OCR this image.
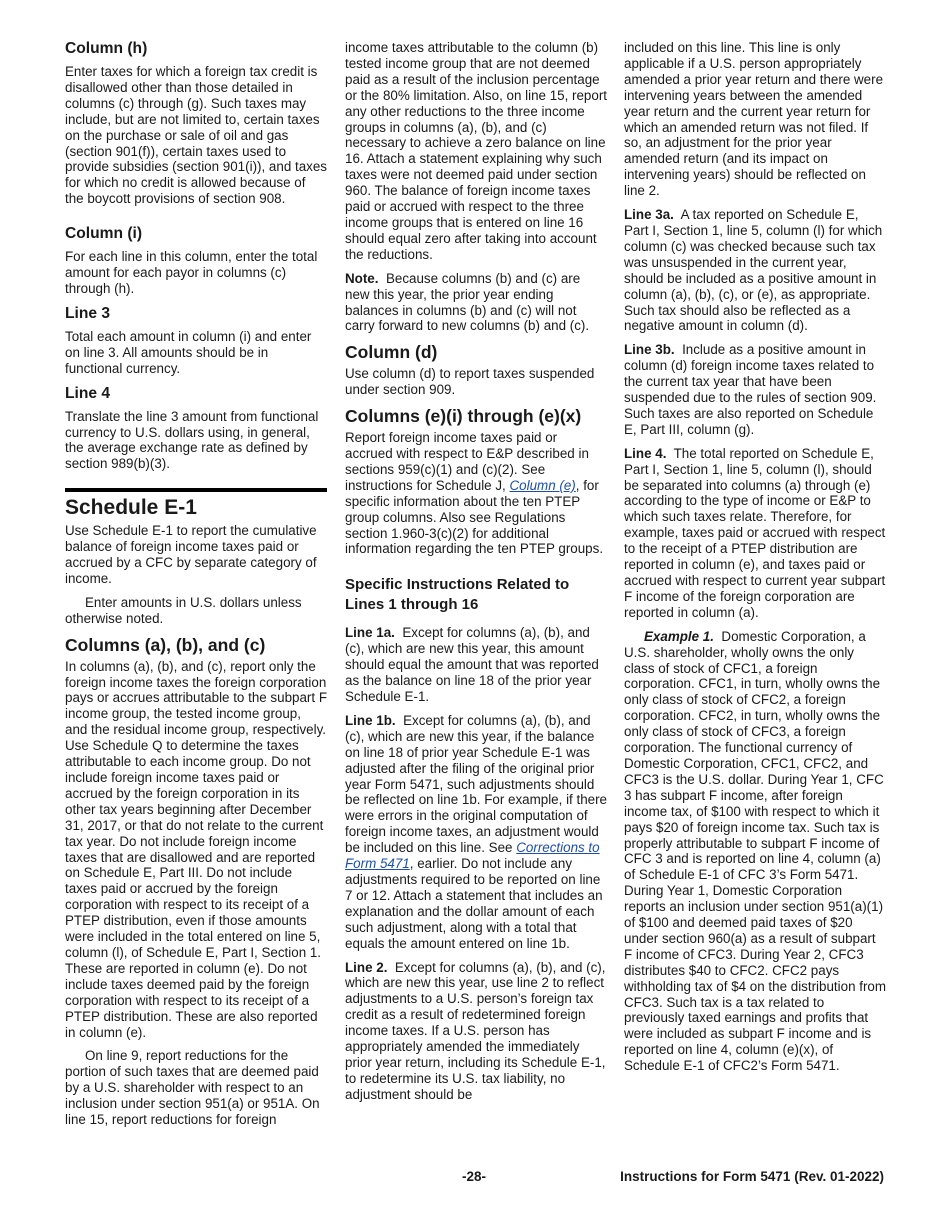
Column (h)

Enter taxes for which a foreign tax credit is disallowed other than those detailed in columns (c) through (g). Such taxes may include, but are not limited to, certain taxes on the purchase or sale of oil and gas (section 901(f)), certain taxes used to provide subsidies (section 901(i)), and taxes for which no credit is allowed because of the boycott provisions of section 908.

Column (i)

For each line in this column, enter the total amount for each payor in columns (c) through (h).

Line 3

Total each amount in column (i) and enter on line 3. All amounts should be in functional currency.

Line 4

Translate the line 3 amount from functional currency to U.S. dollars using, in general, the average exchange rate as defined by section 989(b)(3).

Schedule E-1

Use Schedule E-1 to report the cumulative balance of foreign income taxes paid or accrued by a CFC by separate category of income.

Enter amounts in U.S. dollars unless otherwise noted.

Columns (a), (b), and (c)

In columns (a), (b), and (c), report only the foreign income taxes the foreign corporation pays or accrues attributable to the subpart F income group, the tested income group, and the residual income group, respectively. Use Schedule Q to determine the taxes attributable to each income group. Do not include foreign income taxes paid or accrued by the foreign corporation in its other tax years beginning after December 31, 2017, or that do not relate to the current tax year. Do not include foreign income taxes that are disallowed and are reported on Schedule E, Part III. Do not include taxes paid or accrued by the foreign corporation with respect to its receipt of a PTEP distribution, even if those amounts were included in the total entered on line 5, column (l), of Schedule E, Part I, Section 1. These are reported in column (e). Do not include taxes deemed paid by the foreign corporation with respect to its receipt of a PTEP distribution. These are also reported in column (e).

On line 9, report reductions for the portion of such taxes that are deemed paid by a U.S. shareholder with respect to an inclusion under section 951(a) or 951A. On line 15, report reductions for foreign

income taxes attributable to the column (b) tested income group that are not deemed paid as a result of the inclusion percentage or the 80% limitation. Also, on line 15, report any other reductions to the three income groups in columns (a), (b), and (c) necessary to achieve a zero balance on line 16. Attach a statement explaining why such taxes were not deemed paid under section 960. The balance of foreign income taxes paid or accrued with respect to the three income groups that is entered on line 16 should equal zero after taking into account the reductions.

Note. Because columns (b) and (c) are new this year, the prior year ending balances in columns (b) and (c) will not carry forward to new columns (b) and (c).

Column (d)

Use column (d) to report taxes suspended under section 909.

Columns (e)(i) through (e)(x)

Report foreign income taxes paid or accrued with respect to E&P described in sections 959(c)(1) and (c)(2). See instructions for Schedule J, Column (e), for specific information about the ten PTEP group columns. Also see Regulations section 1.960-3(c)(2) for additional information regarding the ten PTEP groups.

Specific Instructions Related to Lines 1 through 16

Line 1a. Except for columns (a), (b), and (c), which are new this year, this amount should equal the amount that was reported as the balance on line 18 of the prior year Schedule E-1.

Line 1b. Except for columns (a), (b), and (c), which are new this year, if the balance on line 18 of prior year Schedule E-1 was adjusted after the filing of the original prior year Form 5471, such adjustments should be reflected on line 1b. For example, if there were errors in the original computation of foreign income taxes, an adjustment would be included on this line. See Corrections to Form 5471, earlier. Do not include any adjustments required to be reported on line 7 or 12. Attach a statement that includes an explanation and the dollar amount of each such adjustment, along with a total that equals the amount entered on line 1b.

Line 2. Except for columns (a), (b), and (c), which are new this year, use line 2 to reflect adjustments to a U.S. person’s foreign tax credit as a result of redetermined foreign income taxes. If a U.S. person has appropriately amended the immediately prior year return, including its Schedule E-1, to redetermine its U.S. tax liability, no adjustment should be

included on this line. This line is only applicable if a U.S. person appropriately amended a prior year return and there were intervening years between the amended year return and the current year return for which an amended return was not filed. If so, an adjustment for the prior year amended return (and its impact on intervening years) should be reflected on line 2.

Line 3a. A tax reported on Schedule E, Part I, Section 1, line 5, column (l) for which column (c) was checked because such tax was unsuspended in the current year, should be included as a positive amount in column (a), (b), (c), or (e), as appropriate. Such tax should also be reflected as a negative amount in column (d).

Line 3b. Include as a positive amount in column (d) foreign income taxes related to the current tax year that have been suspended due to the rules of section 909. Such taxes are also reported on Schedule E, Part III, column (g).

Line 4. The total reported on Schedule E, Part I, Section 1, line 5, column (l), should be separated into columns (a) through (e) according to the type of income or E&P to which such taxes relate. Therefore, for example, taxes paid or accrued with respect to the receipt of a PTEP distribution are reported in column (e), and taxes paid or accrued with respect to current year subpart F income of the foreign corporation are reported in column (a).

Example 1. Domestic Corporation, a U.S. shareholder, wholly owns the only class of stock of CFC1, a foreign corporation. CFC1, in turn, wholly owns the only class of stock of CFC2, a foreign corporation. CFC2, in turn, wholly owns the only class of stock of CFC3, a foreign corporation. The functional currency of Domestic Corporation, CFC1, CFC2, and CFC3 is the U.S. dollar. During Year 1, CFC 3 has subpart F income, after foreign income tax, of $100 with respect to which it pays $20 of foreign income tax. Such tax is properly attributable to subpart F income of CFC 3 and is reported on line 4, column (a) of Schedule E-1 of CFC 3’s Form 5471. During Year 1, Domestic Corporation reports an inclusion under section 951(a)(1) of $100 and deemed paid taxes of $20 under section 960(a) as a result of subpart F income of CFC3. During Year 2, CFC3 distributes $40 to CFC2. CFC2 pays withholding tax of $4 on the distribution from CFC3. Such tax is a tax related to previously taxed earnings and profits that were included as subpart F income and is reported on line 4, column (e)(x), of Schedule E-1 of CFC2’s Form 5471.

-28-	Instructions for Form 5471 (Rev. 01-2022)
